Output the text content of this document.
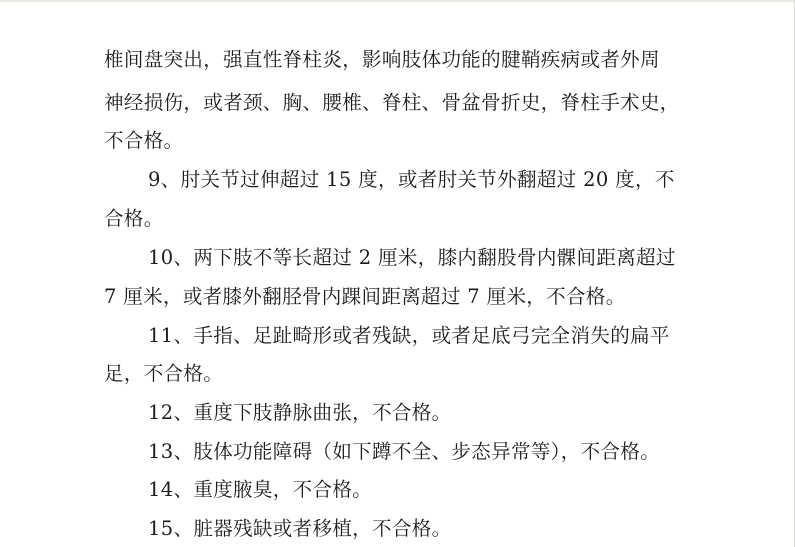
椎间盘突出，强直性脊柱炎，影响肢体功能的腱鞘疾病或者外周
神经损伤，或者颈、胸、腰椎、脊柱、骨盆骨折史，脊柱手术史，
不合格。
9、肘关节过伸超过 15 度，或者肘关节外翻超过 20 度，不
合格。
10、两下肢不等长超过 2 厘米，膝内翻股骨内髁间距离超过
7 厘米，或者膝外翻胫骨内踝间距离超过 7 厘米，不合格。
11、手指、足趾畸形或者残缺，或者足底弓完全消失的扁平
足，不合格。
12、重度下肢静脉曲张，不合格。
13、肢体功能障碍（如下蹲不全、步态异常等），不合格。
14、重度腋臭，不合格。
15、脏器残缺或者移植，不合格。
